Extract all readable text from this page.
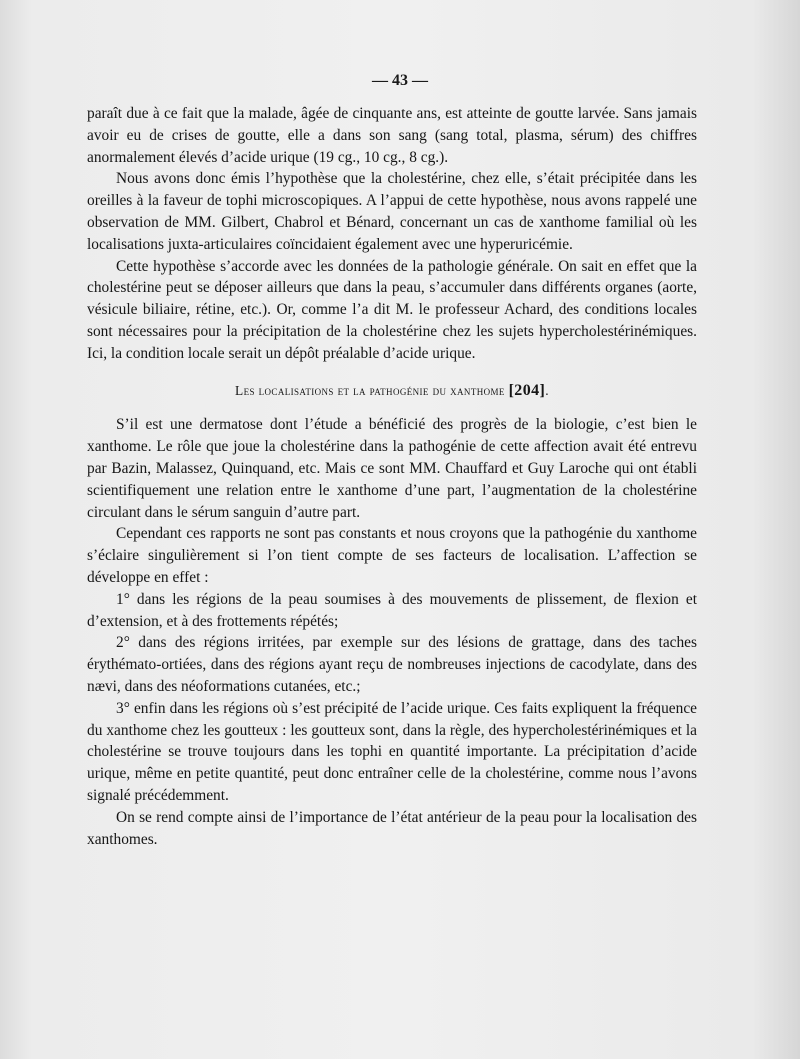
— 43 —

paraît due à ce fait que la malade, âgée de cinquante ans, est atteinte de goutte larvée. Sans jamais avoir eu de crises de goutte, elle a dans son sang (sang total, plasma, sérum) des chiffres anormalement élevés d’acide urique (19 cg., 10 cg., 8 cg.).

Nous avons donc émis l’hypothèse que la cholestérine, chez elle, s’était précipitée dans les oreilles à la faveur de tophi microscopiques. A l’appui de cette hypothèse, nous avons rappelé une observation de MM. Gilbert, Chabrol et Bénard, concernant un cas de xanthome familial où les localisations juxta-articulaires coïncidaient également avec une hyperuricémie.

Cette hypothèse s’accorde avec les données de la pathologie générale. On sait en effet que la cholestérine peut se déposer ailleurs que dans la peau, s’accumuler dans différents organes (aorte, vésicule biliaire, rétine, etc.). Or, comme l’a dit M. le professeur Achard, des conditions locales sont nécessaires pour la précipitation de la cholestérine chez les sujets hypercholestérinémiques. Ici, la condition locale serait un dépôt préalable d’acide urique.

Les localisations et la pathogénie du xanthome [204].

S’il est une dermatose dont l’étude a bénéficié des progrès de la biologie, c’est bien le xanthome. Le rôle que joue la cholestérine dans la pathogénie de cette affection avait été entrevu par Bazin, Malassez, Quinquand, etc. Mais ce sont MM. Chauffard et Guy Laroche qui ont établi scientifiquement une relation entre le xanthome d’une part, l’augmentation de la cholestérine circulant dans le sérum sanguin d’autre part.

Cependant ces rapports ne sont pas constants et nous croyons que la pathogénie du xanthome s’éclaire singulièrement si l’on tient compte de ses facteurs de localisation. L’affection se développe en effet :

1° dans les régions de la peau soumises à des mouvements de plissement, de flexion et d’extension, et à des frottements répétés;

2° dans des régions irritées, par exemple sur des lésions de grattage, dans des taches érythémato-ortiées, dans des régions ayant reçu de nombreuses injections de cacodylate, dans des nævi, dans des néoformations cutanées, etc.;

3° enfin dans les régions où s’est précipité de l’acide urique. Ces faits expliquent la fréquence du xanthome chez les goutteux : les goutteux sont, dans la règle, des hypercholestérinémiques et la cholestérine se trouve toujours dans les tophi en quantité importante. La précipitation d’acide urique, même en petite quantité, peut donc entraîner celle de la cholestérine, comme nous l’avons signalé précédemment.

On se rend compte ainsi de l’importance de l’état antérieur de la peau pour la localisation des xanthomes.
